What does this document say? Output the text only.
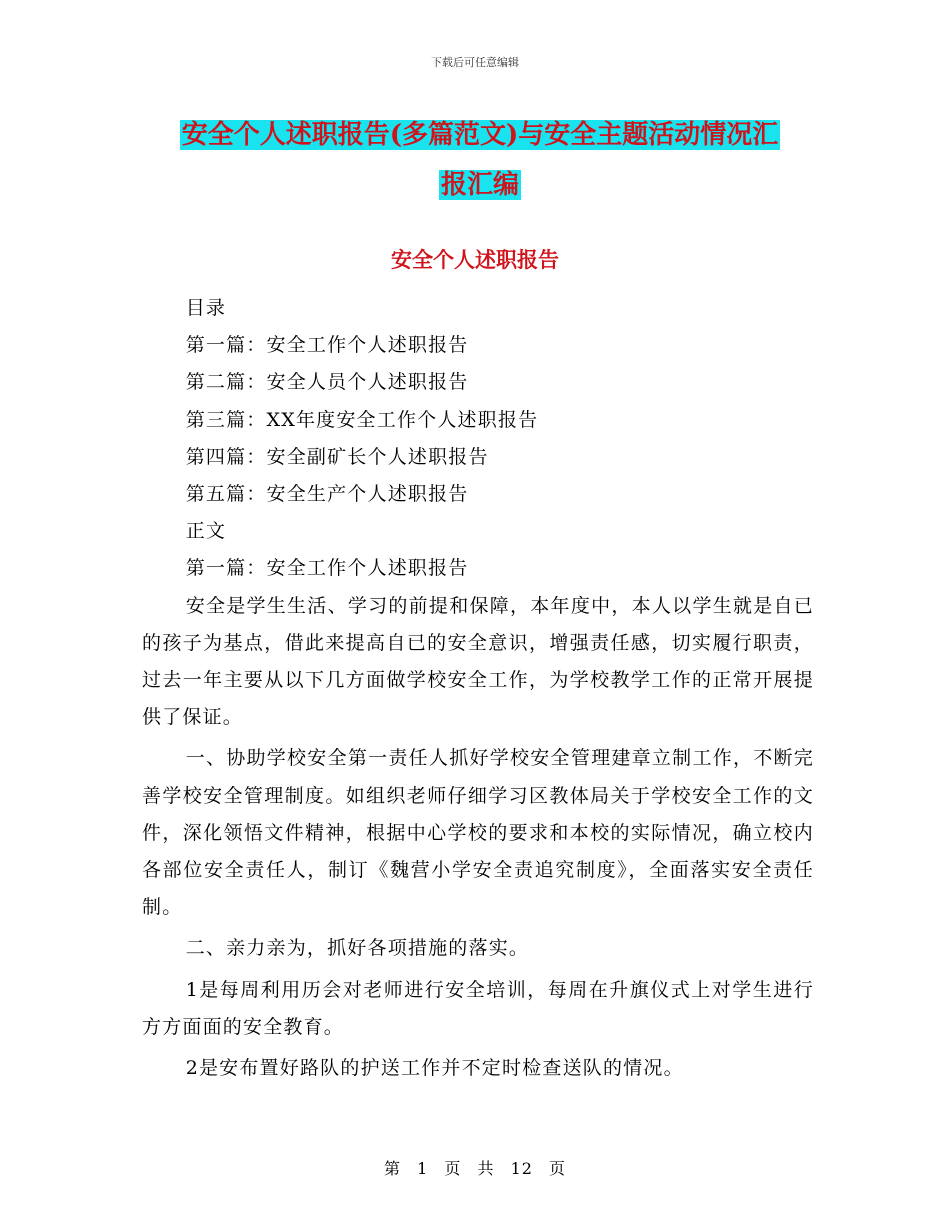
下载后可任意编辑
安全个人述职报告(多篇范文)与安全主题活动情况汇
报汇编
安全个人述职报告

目录

第一篇：安全工作个人述职报告

第二篇：安全人员个人述职报告

第三篇：XX年度安全工作个人述职报告

第四篇：安全副矿长个人述职报告

第五篇：安全生产个人述职报告

正文

第一篇：安全工作个人述职报告

安全是学生生活、学习的前提和保障，本年度中，本人以学生就是自已的孩子为基点，借此来提高自已的安全意识，增强责任感，切实履行职责，过去一年主要从以下几方面做学校安全工作，为学校教学工作的正常开展提供了保证。

一、协助学校安全第一责任人抓好学校安全管理建章立制工作，不断完善学校安全管理制度。如组织老师仔细学习区教体局关于学校安全工作的文件，深化领悟文件精神，根据中心学校的要求和本校的实际情况，确立校内各部位安全责任人，制订《魏营小学安全责追究制度》，全面落实安全责任制。

二、亲力亲为，抓好各项措施的落实。

1是每周利用历会对老师进行安全培训，每周在升旗仪式上对学生进行方方面面的安全教育。

2是安布置好路队的护送工作并不定时检查送队的情况。

第 1 页 共 12 页
